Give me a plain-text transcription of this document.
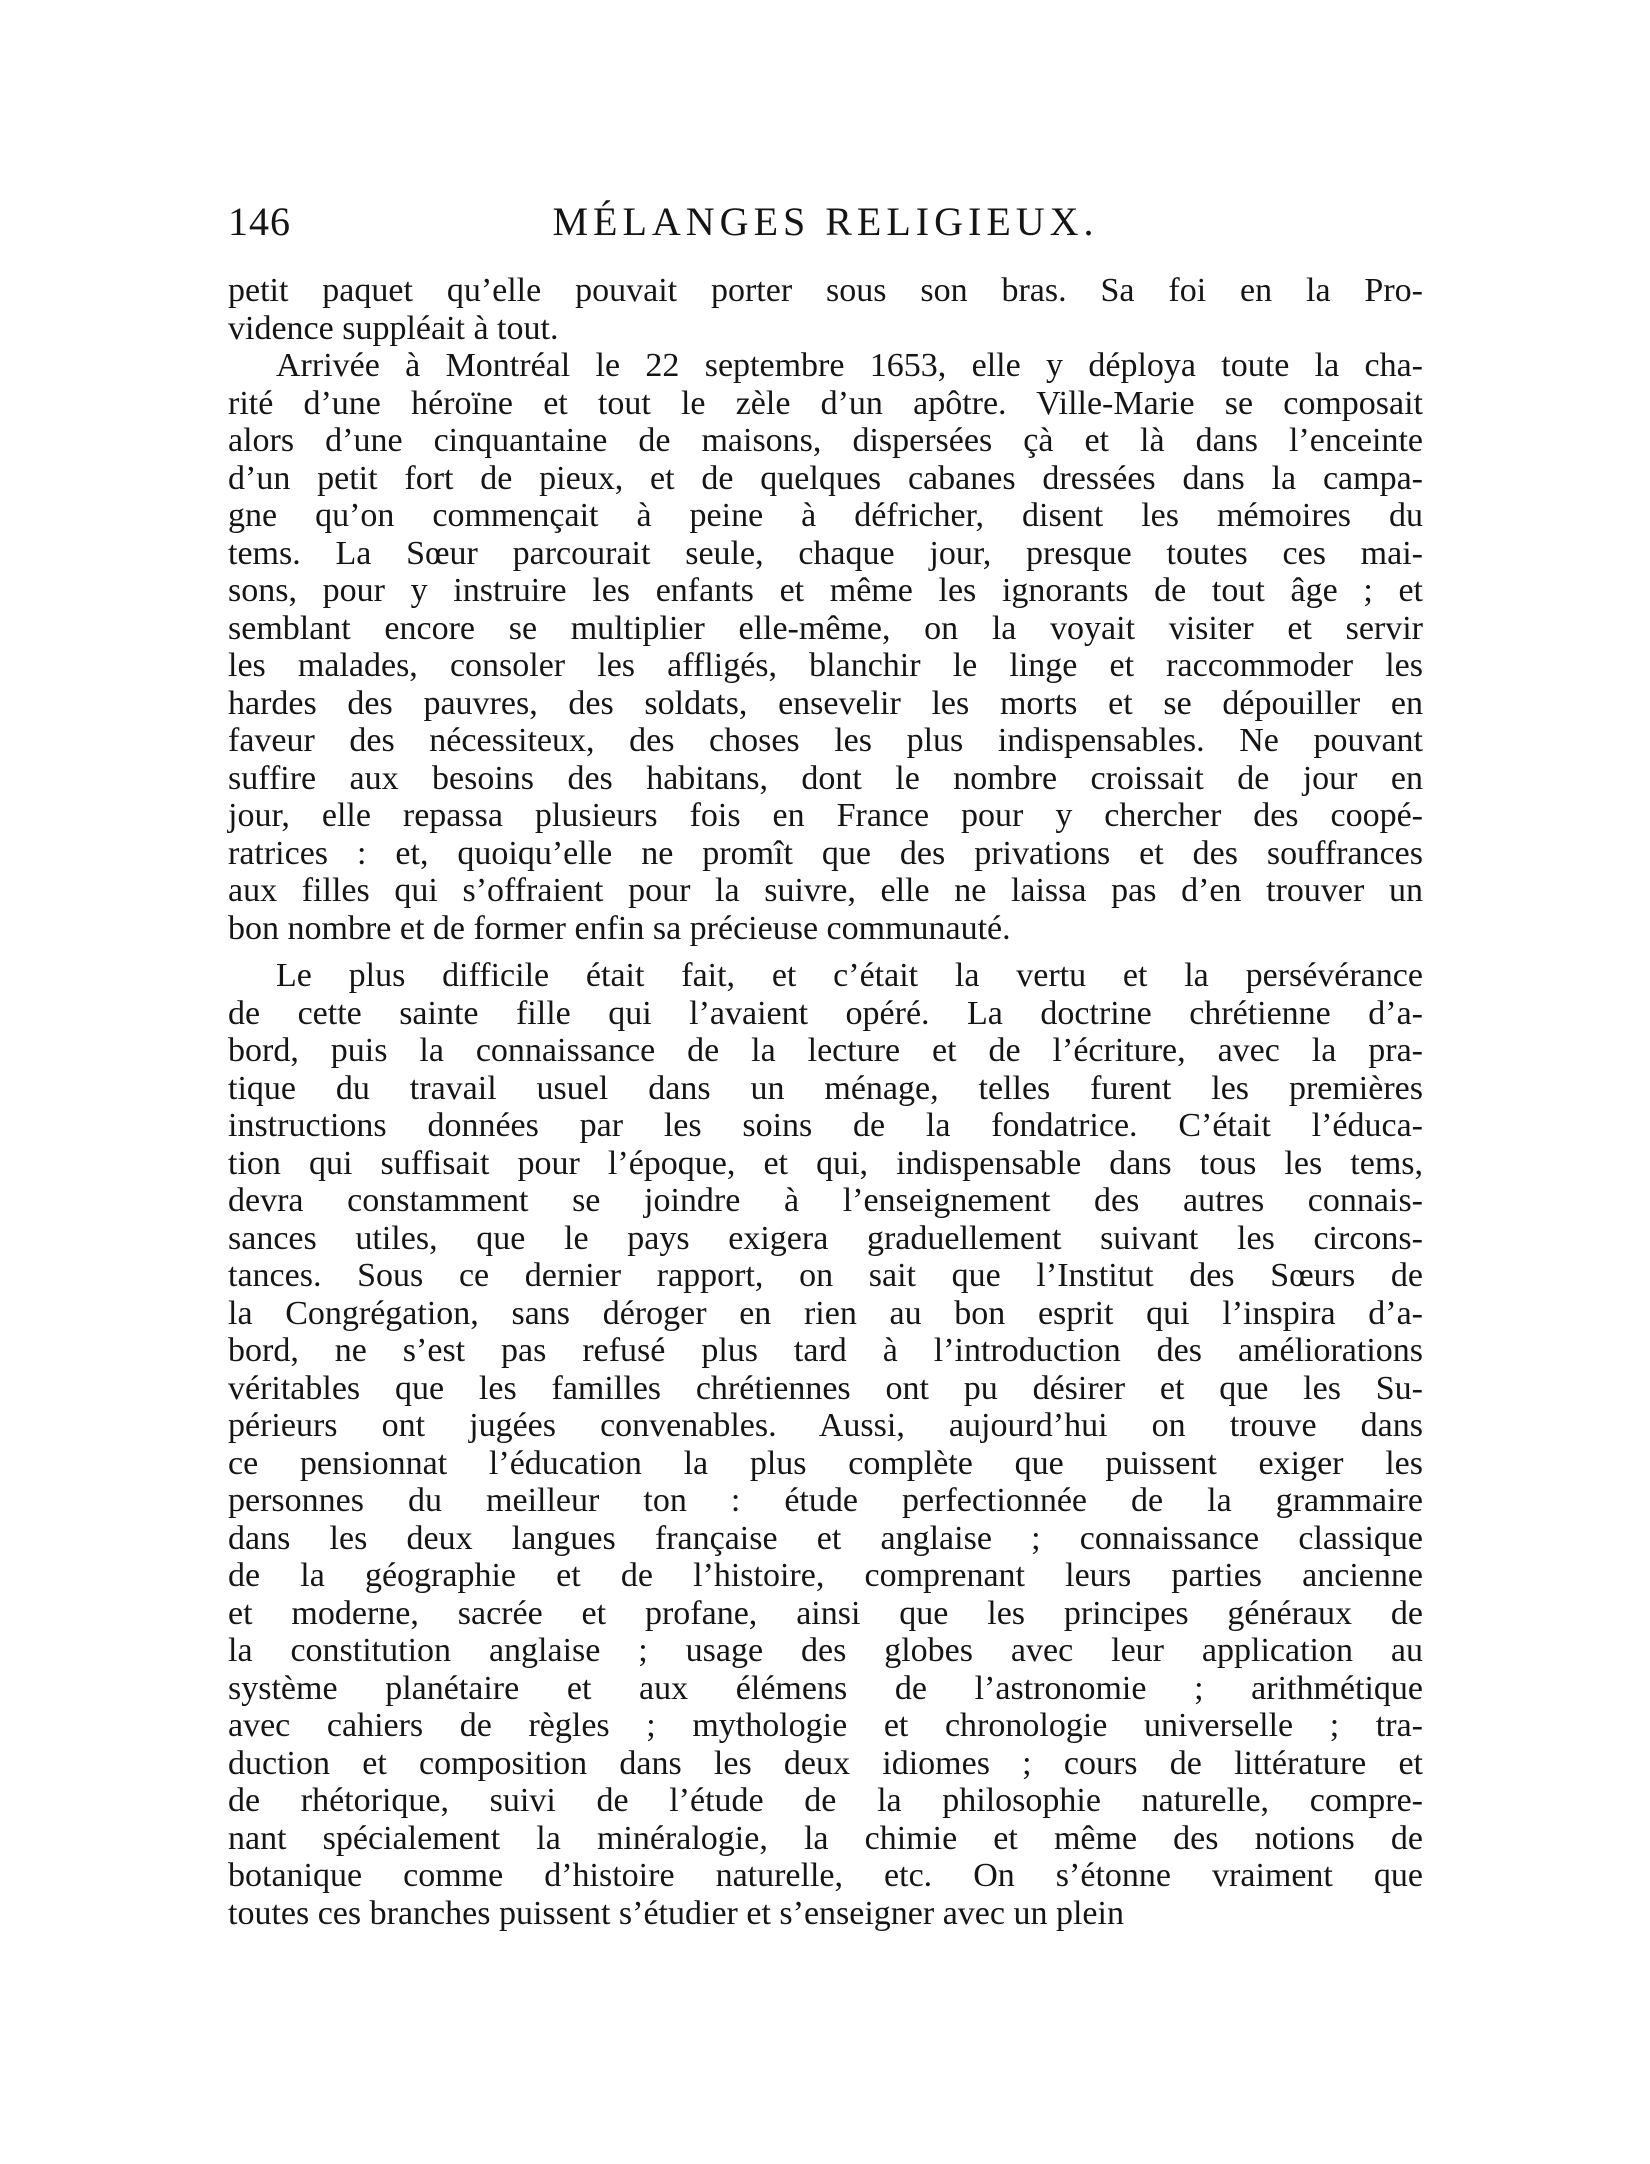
146	MÉLANGES RELIGIEUX.
petit paquet qu’elle pouvait porter sous son bras. Sa foi en la Pro-
vidence suppléait à tout.
Arrivée à Montréal le 22 septembre 1653, elle y déploya toute la cha-
rité d’une héroïne et tout le zèle d’un apôtre. Ville-Marie se composait
alors d’une cinquantaine de maisons, dispersées çà et là dans l’enceinte
d’un petit fort de pieux, et de quelques cabanes dressées dans la campa-
gne qu’on commençait à peine à défricher, disent les mémoires du
tems. La Sœur parcourait seule, chaque jour, presque toutes ces mai-
sons, pour y instruire les enfants et même les ignorants de tout âge ; et
semblant encore se multiplier elle-même, on la voyait visiter et servir
les malades, consoler les affligés, blanchir le linge et raccommoder les
hardes des pauvres, des soldats, ensevelir les morts et se dépouiller en
faveur des nécessiteux, des choses les plus indispensables. Ne pouvant
suffire aux besoins des habitans, dont le nombre croissait de jour en
jour, elle repassa plusieurs fois en France pour y chercher des coopé-
ratrices : et, quoiqu’elle ne promît que des privations et des souffrances
aux filles qui s’offraient pour la suivre, elle ne laissa pas d’en trouver un
bon nombre et de former enfin sa précieuse communauté.
Le plus difficile était fait, et c’était la vertu et la persévérance
de cette sainte fille qui l’avaient opéré. La doctrine chrétienne d’a-
bord, puis la connaissance de la lecture et de l’écriture, avec la pra-
tique du travail usuel dans un ménage, telles furent les premières
instructions données par les soins de la fondatrice. C’était l’éduca-
tion qui suffisait pour l’époque, et qui, indispensable dans tous les tems,
devra constamment se joindre à l’enseignement des autres connais-
sances utiles, que le pays exigera graduellement suivant les circons-
tances. Sous ce dernier rapport, on sait que l’Institut des Sœurs de
la Congrégation, sans déroger en rien au bon esprit qui l’inspira d’a-
bord, ne s’est pas refusé plus tard à l’introduction des améliorations
véritables que les familles chrétiennes ont pu désirer et que les Su-
périeurs ont jugées convenables. Aussi, aujourd’hui on trouve dans
ce pensionnat l’éducation la plus complète que puissent exiger les
personnes du meilleur ton : étude perfectionnée de la grammaire
dans les deux langues française et anglaise ; connaissance classique
de la géographie et de l’histoire, comprenant leurs parties ancienne
et moderne, sacrée et profane, ainsi que les principes généraux de
la constitution anglaise ; usage des globes avec leur application au
système planétaire et aux élémens de l’astronomie ; arithmétique
avec cahiers de règles ; mythologie et chronologie universelle ; tra-
duction et composition dans les deux idiomes ; cours de littérature et
de rhétorique, suivi de l’étude de la philosophie naturelle, compre-
nant spécialement la minéralogie, la chimie et même des notions de
botanique comme d’histoire naturelle, etc. On s’étonne vraiment que
toutes ces branches puissent s’étudier et s’enseigner avec un plein
